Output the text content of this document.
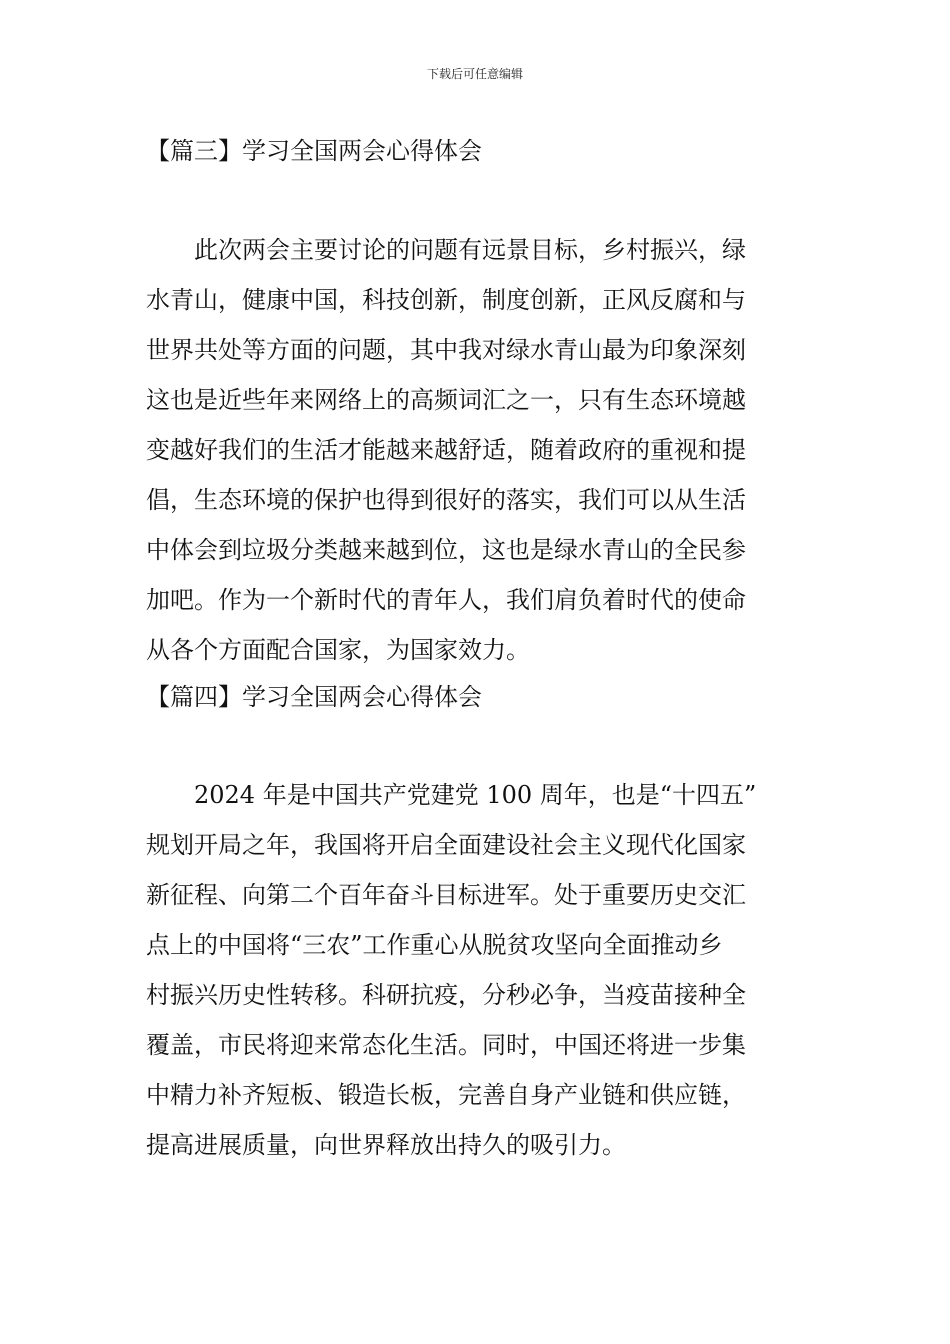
下载后可任意编辑
【篇三】学习全国两会心得体会
　　此次两会主要讨论的问题有远景目标，乡村振兴，绿
水青山，健康中国，科技创新，制度创新，正风反腐和与
世界共处等方面的问题，其中我对绿水青山最为印象深刻
这也是近些年来网络上的高频词汇之一，只有生态环境越
变越好我们的生活才能越来越舒适，随着政府的重视和提
倡，生态环境的保护也得到很好的落实，我们可以从生活
中体会到垃圾分类越来越到位，这也是绿水青山的全民参
加吧。作为一个新时代的青年人，我们肩负着时代的使命
从各个方面配合国家，为国家效力。
【篇四】学习全国两会心得体会
　　2024 年是中国共产党建党 100 周年，也是“十四五”
规划开局之年，我国将开启全面建设社会主义现代化国家
新征程、向第二个百年奋斗目标进军。处于重要历史交汇
点上的中国将“三农”工作重心从脱贫攻坚向全面推动乡
村振兴历史性转移。科研抗疫，分秒必争，当疫苗接种全
覆盖，市民将迎来常态化生活。同时，中国还将进一步集
中精力补齐短板、锻造长板，完善自身产业链和供应链，
提高进展质量，向世界释放出持久的吸引力。
